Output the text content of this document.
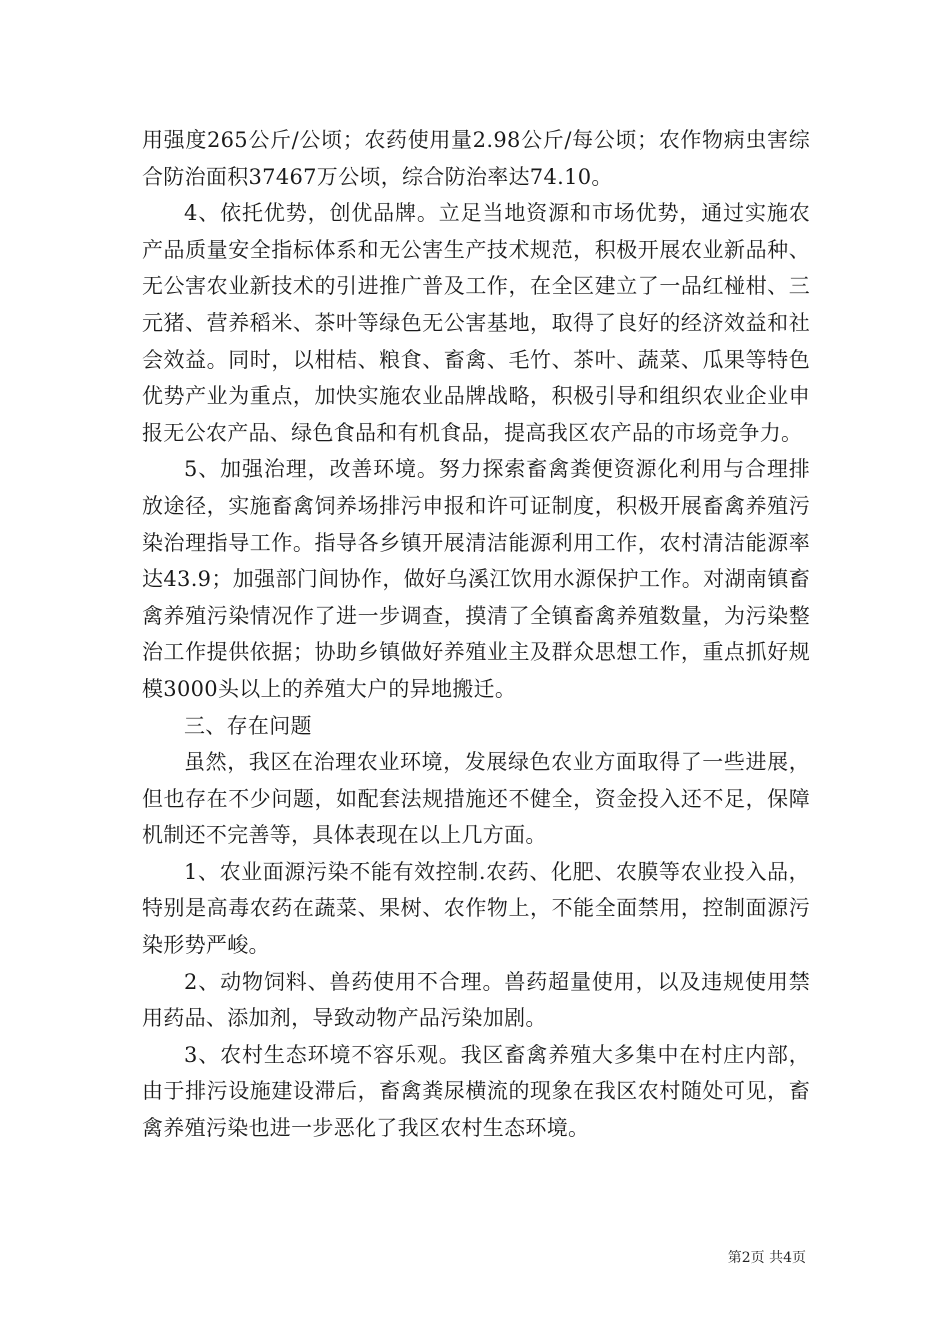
用强度265公斤/公顷；农药使用量2.98公斤/每公顷；农作物病虫害综合防治面积37467万公顷，综合防治率达74.10。

4、依托优势，创优品牌。立足当地资源和市场优势，通过实施农产品质量安全指标体系和无公害生产技术规范，积极开展农业新品种、无公害农业新技术的引进推广普及工作，在全区建立了一品红椪柑、三元猪、营养稻米、茶叶等绿色无公害基地，取得了良好的经济效益和社会效益。同时，以柑桔、粮食、畜禽、毛竹、茶叶、蔬菜、瓜果等特色优势产业为重点，加快实施农业品牌战略，积极引导和组织农业企业申报无公农产品、绿色食品和有机食品，提高我区农产品的市场竞争力。

5、加强治理，改善环境。努力探索畜禽粪便资源化利用与合理排放途径，实施畜禽饲养场排污申报和许可证制度，积极开展畜禽养殖污染治理指导工作。指导各乡镇开展清洁能源利用工作，农村清洁能源率达43.9；加强部门间协作，做好乌溪江饮用水源保护工作。对湖南镇畜禽养殖污染情况作了进一步调查，摸清了全镇畜禽养殖数量，为污染整治工作提供依据；协助乡镇做好养殖业主及群众思想工作，重点抓好规模3000头以上的养殖大户的异地搬迁。

三、存在问题

虽然，我区在治理农业环境，发展绿色农业方面取得了一些进展，但也存在不少问题，如配套法规措施还不健全，资金投入还不足，保障机制还不完善等，具体表现在以上几方面。

1、农业面源污染不能有效控制.农药、化肥、农膜等农业投入品，特别是高毒农药在蔬菜、果树、农作物上，不能全面禁用，控制面源污染形势严峻。

2、动物饲料、兽药使用不合理。兽药超量使用，以及违规使用禁用药品、添加剂，导致动物产品污染加剧。

3、农村生态环境不容乐观。我区畜禽养殖大多集中在村庄内部，由于排污设施建设滞后，畜禽粪尿横流的现象在我区农村随处可见，畜禽养殖污染也进一步恶化了我区农村生态环境。

第2页 共4页
